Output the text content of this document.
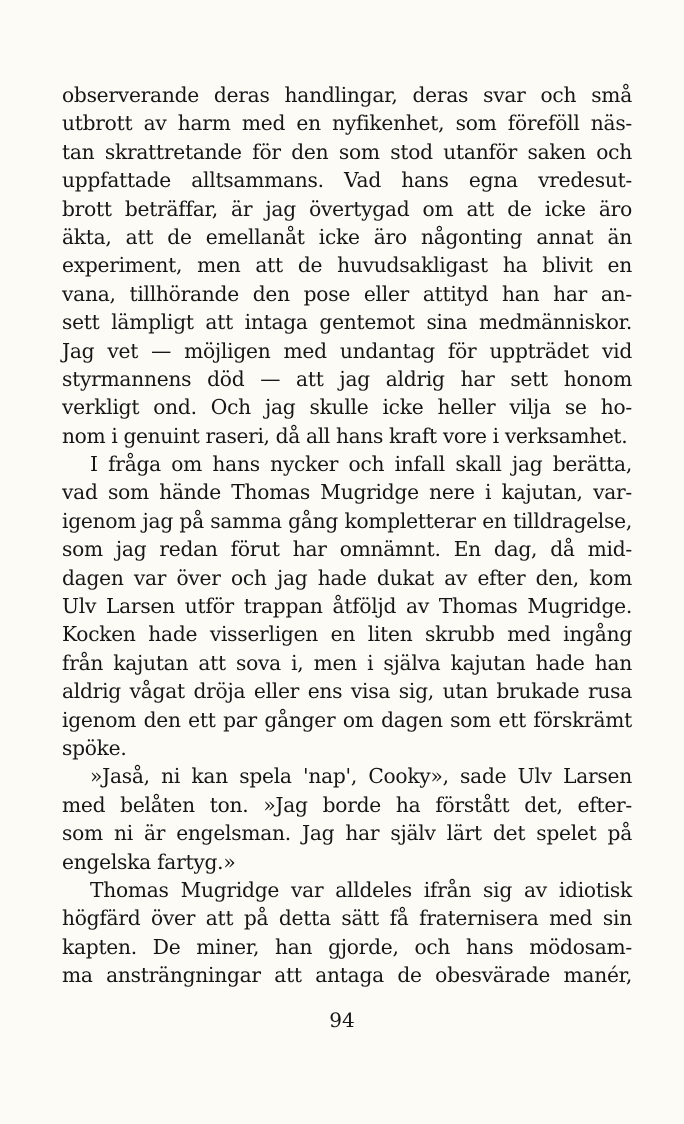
observerande deras handlingar, deras svar och små
utbrott av harm med en nyfikenhet, som föreföll näs-
tan skrattretande för den som stod utanför saken och
uppfattade alltsammans. Vad hans egna vredesut-
brott beträffar, är jag övertygad om att de icke äro
äkta, att de emellanåt icke äro någonting annat än
experiment, men att de huvudsakligast ha blivit en
vana, tillhörande den pose eller attityd han har an-
sett lämpligt att intaga gentemot sina medmänniskor.
Jag vet — möjligen med undantag för uppträdet vid
styrmannens död — att jag aldrig har sett honom
verkligt ond. Och jag skulle icke heller vilja se ho-
nom i genuint raseri, då all hans kraft vore i verksamhet.
I fråga om hans nycker och infall skall jag berätta,
vad som hände Thomas Mugridge nere i kajutan, var-
igenom jag på samma gång kompletterar en tilldragelse,
som jag redan förut har omnämnt. En dag, då mid-
dagen var över och jag hade dukat av efter den, kom
Ulv Larsen utför trappan åtföljd av Thomas Mugridge.
Kocken hade visserligen en liten skrubb med ingång
från kajutan att sova i, men i själva kajutan hade han
aldrig vågat dröja eller ens visa sig, utan brukade rusa
igenom den ett par gånger om dagen som ett förskrämt
spöke.
»Jaså, ni kan spela 'nap', Cooky», sade Ulv Larsen
med belåten ton. »Jag borde ha förstått det, efter-
som ni är engelsman. Jag har själv lärt det spelet på
engelska fartyg.»
Thomas Mugridge var alldeles ifrån sig av idiotisk
högfärd över att på detta sätt få fraternisera med sin
kapten. De miner, han gjorde, och hans mödosam-
ma ansträngningar att antaga de obesvärade manér,
94
